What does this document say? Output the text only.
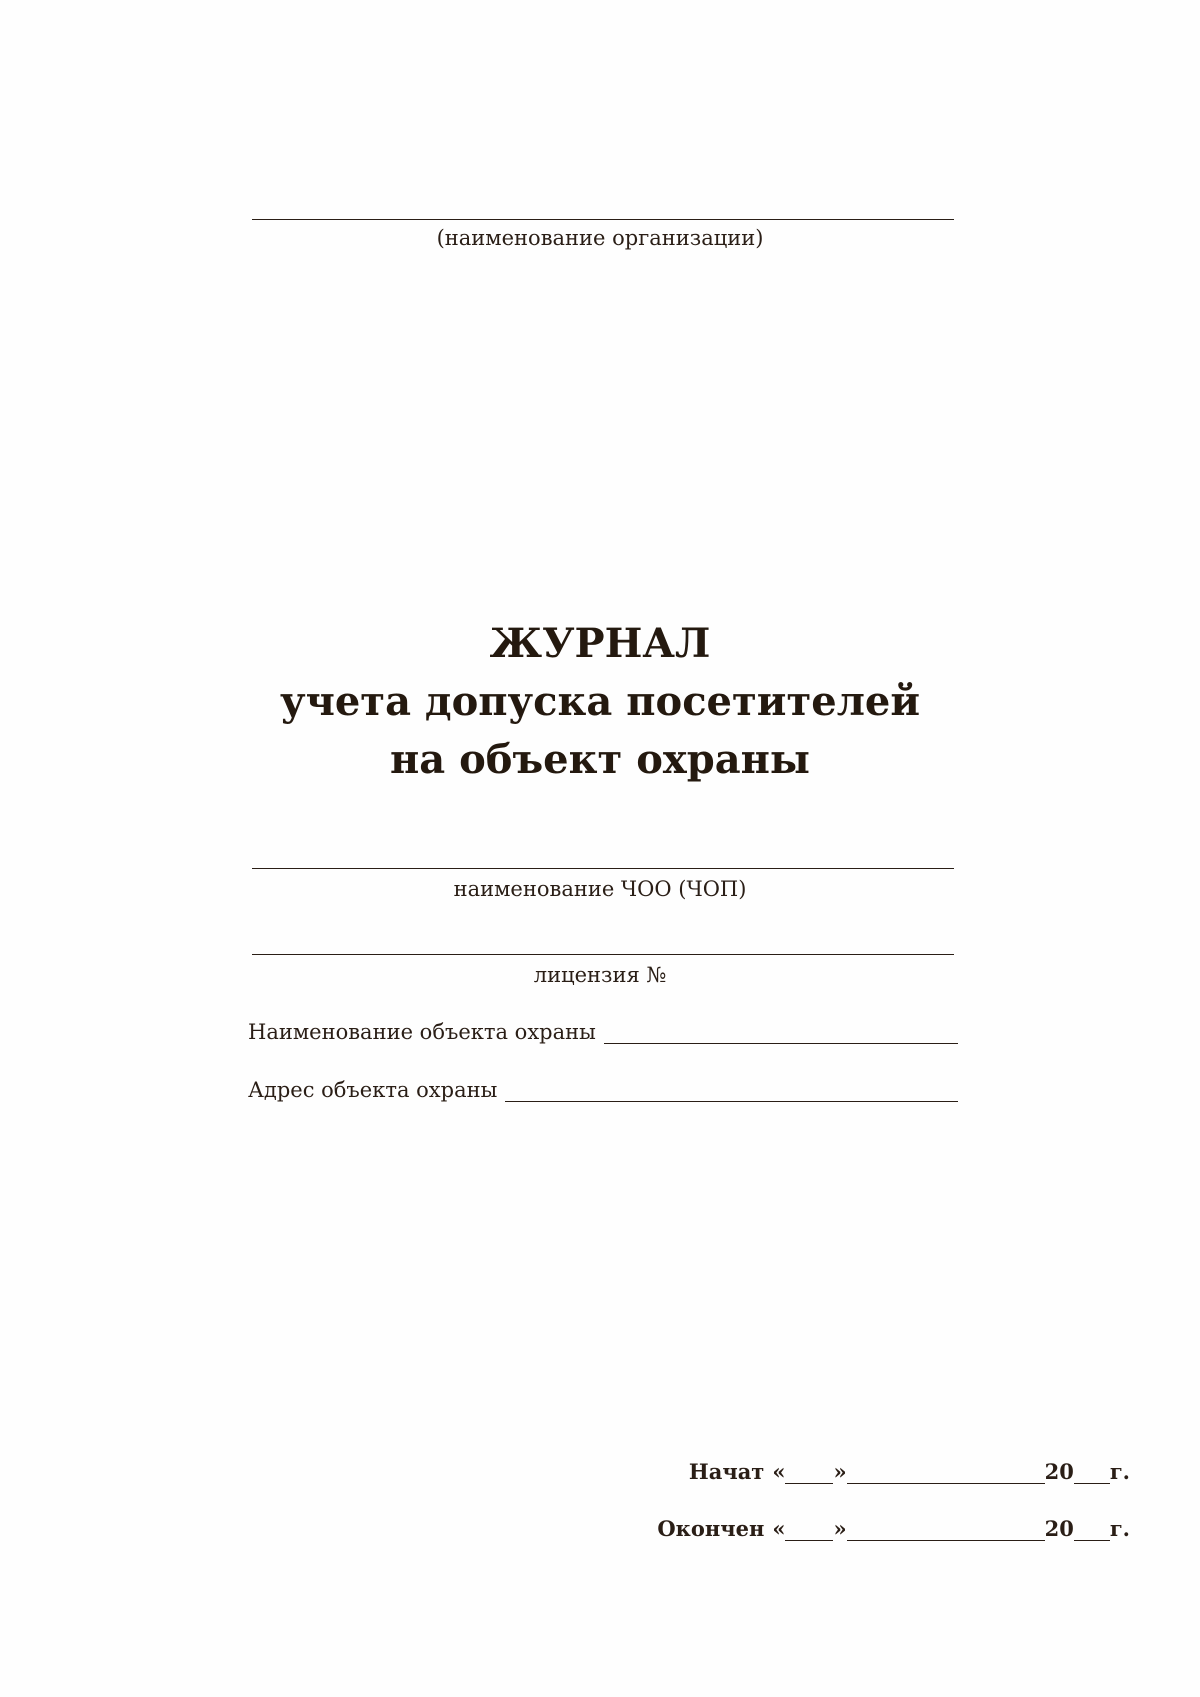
(наименование организации)
ЖУРНАЛ
учета допуска посетителей
на объект охраны
наименование ЧОО (ЧОП)
лицензия №
Наименование объекта охраны
Адрес объекта охраны
Начат « »	20 г.
Окончен « »	20 г.
